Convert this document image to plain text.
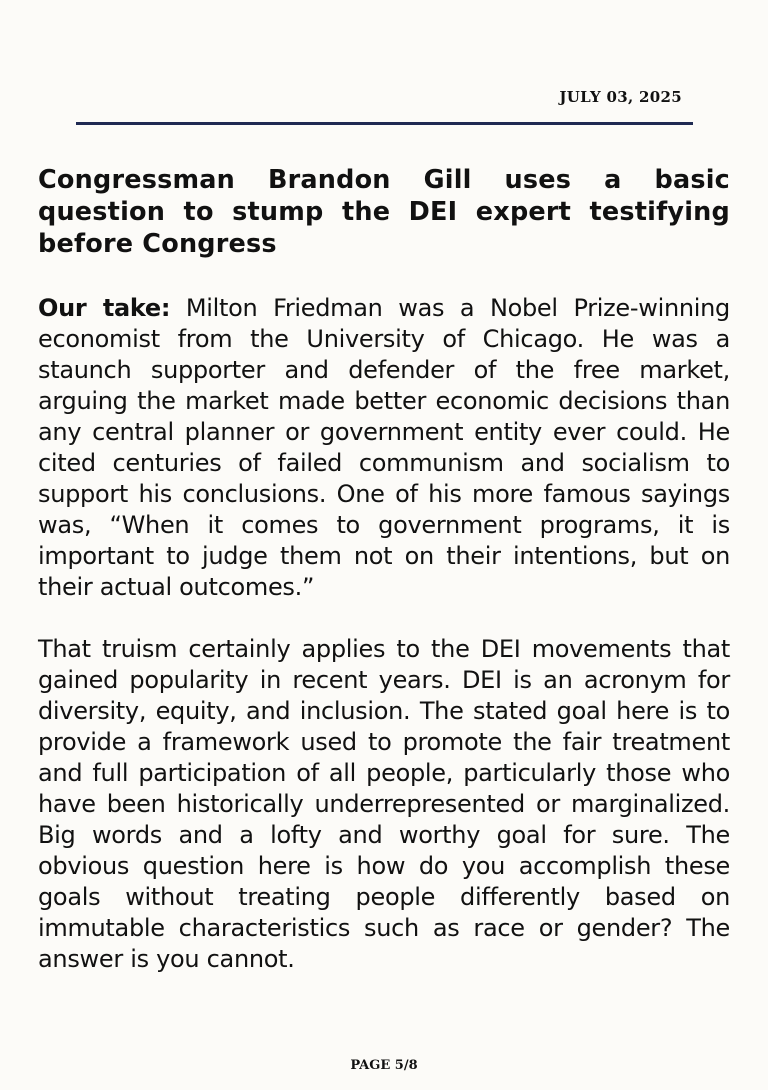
JULY 03, 2025
Congressman Brandon Gill uses a basic question to stump the DEI expert testifying before Congress

Our take: Milton Friedman was a Nobel Prize-winning economist from the University of Chicago. He was a staunch supporter and defender of the free market, arguing the market made better economic decisions than any central planner or government entity ever could. He cited centuries of failed communism and socialism to support his conclusions. One of his more famous sayings was, “When it comes to government programs, it is important to judge them not on their intentions, but on their actual outcomes.”

That truism certainly applies to the DEI movements that gained popularity in recent years. DEI is an acronym for diversity, equity, and inclusion. The stated goal here is to provide a framework used to promote the fair treatment and full participation of all people, particularly those who have been historically underrepresented or marginalized. Big words and a lofty and worthy goal for sure. The obvious question here is how do you accomplish these goals without treating people differently based on immutable characteristics such as race or gender? The answer is you cannot.

PAGE 5/8
